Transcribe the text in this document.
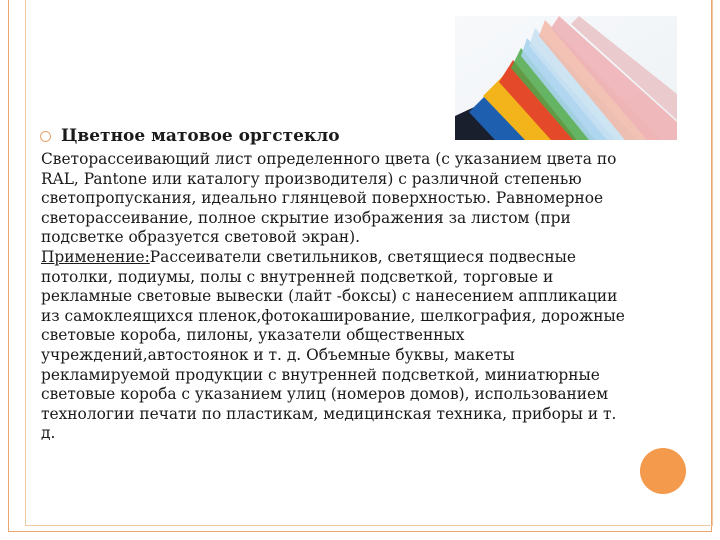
Цветное матовое оргстекло

Светорассеивающий лист определенного цвета (с указанием цвета по RAL, Pantone или каталогу производителя) с различной степенью светопропускания, идеально глянцевой поверхностью. Равномерное светорассеивание, полное скрытие изображения за листом (при подсветке образуется световой экран).

Применение:Рассеиватели светильников, светящиеся подвесные потолки, подиумы, полы с внутренней подсветкой, торговые и рекламные световые вывески (лайт -боксы) с нанесением аппликации из самоклеящихся пленок,фотокаширование, шелкография, дорожные световые короба, пилоны, указатели общественных учреждений,автостоянок и т. д. Объемные буквы, макеты рекламируемой продукции с внутренней подсветкой, миниатюрные световые короба с указанием улиц (номеров домов), использованием технологии печати по пластикам, медицинская техника, приборы и т. д.
